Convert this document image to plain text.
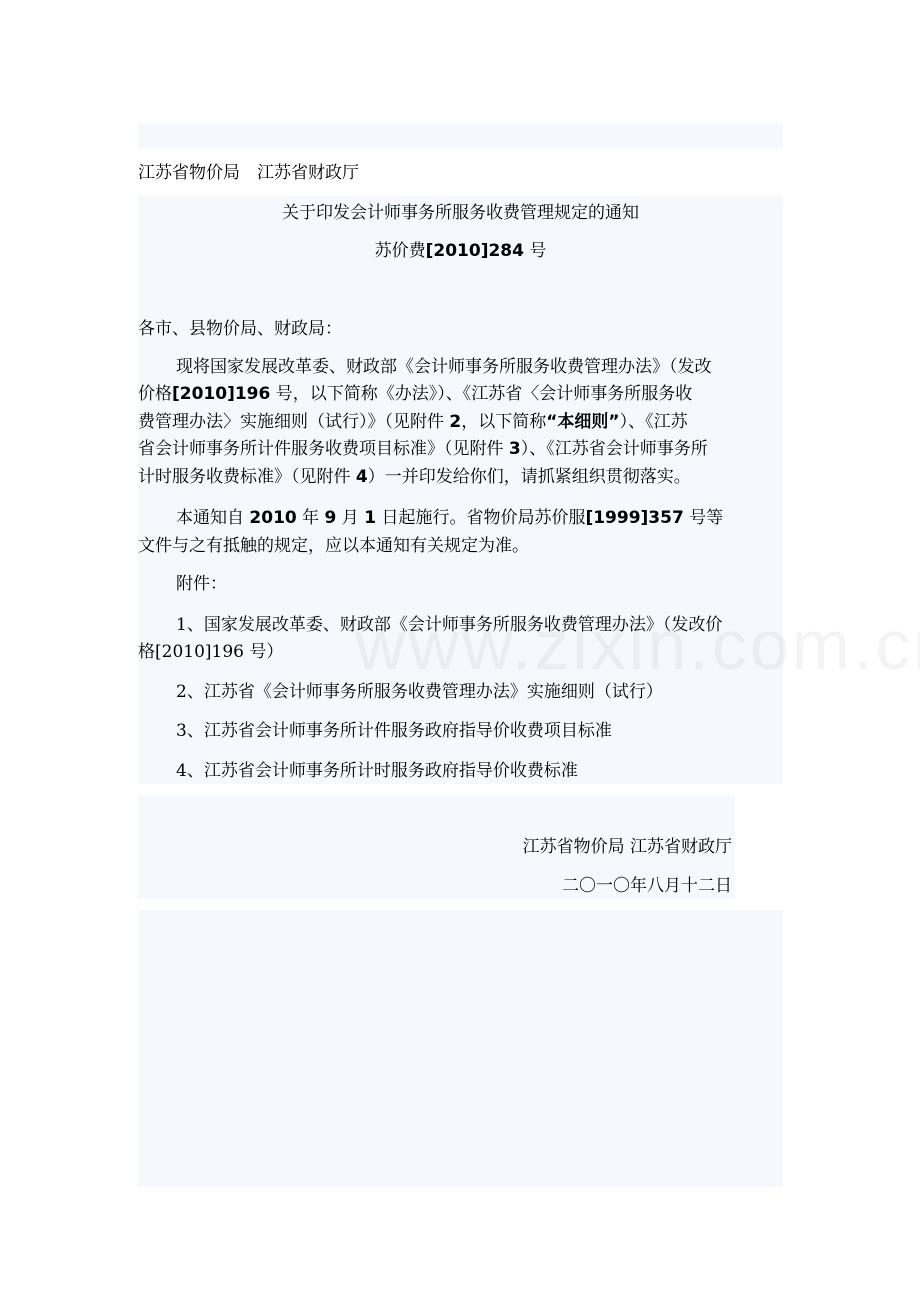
江苏省物价局　江苏省财政厅
关于印发会计师事务所服务收费管理规定的通知
苏价费[2010]284 号
各市、县物价局、财政局：
现将国家发展改革委、财政部《会计师事务所服务收费管理办法》（发改
价格[2010]196 号，以下简称《办法》）、《江苏省〈会计师事务所服务收
费管理办法〉实施细则（试行）》（见附件 2，以下简称“本细则”）、《江苏
省会计师事务所计件服务收费项目标准》（见附件 3）、《江苏省会计师事务所
计时服务收费标准》（见附件 4）一并印发给你们，请抓紧组织贯彻落实。
本通知自 2010 年 9 月 1 日起施行。省物价局苏价服[1999]357 号等
文件与之有抵触的规定，应以本通知有关规定为准。
附件：
1、国家发展改革委、财政部《会计师事务所服务收费管理办法》（发改价
格[2010]196 号）
2、江苏省《会计师事务所服务收费管理办法》实施细则（试行）
3、江苏省会计师事务所计件服务政府指导价收费项目标准
4、江苏省会计师事务所计时服务政府指导价收费标准
江苏省物价局 江苏省财政厅
二〇一〇年八月十二日
